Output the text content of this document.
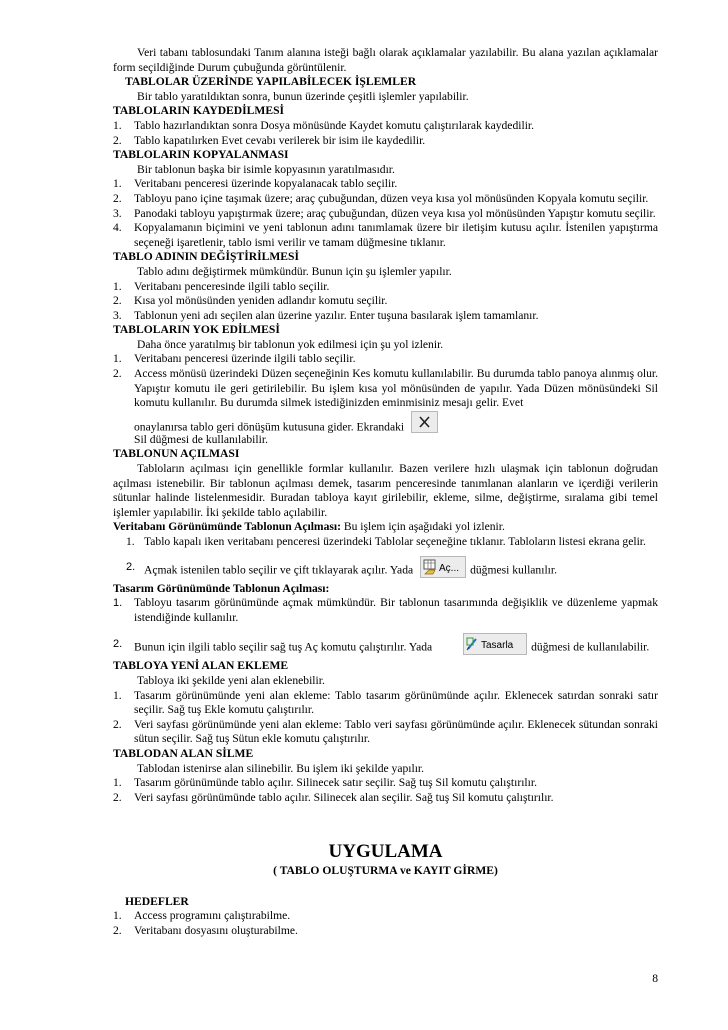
Veri tabanı tablosundaki Tanım alanına isteği bağlı olarak açıklamalar yazılabilir. Bu alana yazılan açıklamalar form seçildiğinde Durum çubuğunda görüntülenir.

TABLOLAR ÜZERİNDE YAPILABİLECEK İŞLEMLER

Bir tablo yaratıldıktan sonra, bunun üzerinde çeşitli işlemler yapılabilir.

TABLOLARIN KAYDEDİLMESİ

1. Tablo hazırlandıktan sonra Dosya mönüsünde Kaydet komutu çalıştırılarak kaydedilir.
2. Tablo kapatılırken Evet cevabı verilerek bir isim ile kaydedilir.

TABLOLARIN KOPYALANMASI

Bir tablonun başka bir isimle kopyasının yaratılmasıdır.

1. Veritabanı penceresi üzerinde kopyalanacak tablo seçilir.
2. Tabloyu pano içine taşımak üzere; araç çubuğundan, düzen veya kısa yol mönüsünden Kopyala komutu seçilir.
3. Panodaki tabloyu yapıştırmak üzere; araç çubuğundan, düzen veya kısa yol mönüsünden Yapıştır komutu seçilir.
4. Kopyalamanın biçimini ve yeni tablonun adını tanımlamak üzere bir iletişim kutusu açılır. İstenilen yapıştırma seçeneği işaretlenir, tablo ismi verilir ve tamam düğmesine tıklanır.

TABLO ADININ DEĞİŞTİRİLMESİ

Tablo adını değiştirmek mümkündür. Bunun için şu işlemler yapılır.

1. Veritabanı penceresinde ilgili tablo seçilir.
2. Kısa yol mönüsünden yeniden adlandır komutu seçilir.
3. Tablonun yeni adı seçilen alan üzerine yazılır. Enter tuşuna basılarak işlem tamamlanır.

TABLOLARIN YOK EDİLMESİ

Daha önce yaratılmış bir tablonun yok edilmesi için şu yol izlenir.

1. Veritabanı penceresi üzerinde ilgili tablo seçilir.
2. Access mönüsü üzerindeki Düzen seçeneğinin Kes komutu kullanılabilir. Bu durumda tablo panoya alınmış olur. Yapıştır komutu ile geri getirilebilir. Bu işlem kısa yol mönüsünden de yapılır. Yada Düzen mönüsündeki Sil komutu kullanılır. Bu durumda silmek istediğinizden eminmisiniz mesajı gelir. Evet
onaylanırsa tablo geri dönüşüm kutusuna gider. Ekrandaki
Sil düğmesi de kullanılabilir.

TABLONUN AÇILMASI

Tabloların açılması için genellikle formlar kullanılır. Bazen verilere hızlı ulaşmak için tablonun doğrudan açılması istenebilir. Bir tablonun açılması demek, tasarım penceresinde tanımlanan alanların ve içerdiği verilerin sütunlar halinde listelenmesidir. Buradan tabloya kayıt girilebilir, ekleme, silme, değiştirme, sıralama gibi temel işlemler yapılabilir. İki şekilde tablo açılabilir.

Veritabanı Görünümünde Tablonun Açılması: Bu işlem için aşağıdaki yol izlenir.

1. Tablo kapalı iken veritabanı penceresi üzerindeki Tablolar seçeneğine tıklanır. Tabloların listesi ekrana gelir.
2. Açmak istenilen tablo seçilir ve çift tıklayarak açılır. Yada	Aç... düğmesi kullanılır.

Tasarım Görünümünde Tablonun Açılması:

1. Tabloyu tasarım görünümünde açmak mümkündür. Bir tablonun tasarımında değişiklik ve düzenleme yapmak istendiğinde kullanılır.
2. Bunun için ilgili tablo seçilir sağ tuş Aç komutu çalıştırılır. Yada	Tasarla düğmesi de kullanılabilir.

TABLOYA YENİ ALAN EKLEME

Tabloya iki şekilde yeni alan eklenebilir.

1. Tasarım görünümünde yeni alan ekleme: Tablo tasarım görünümünde açılır. Eklenecek satırdan sonraki satır seçilir. Sağ tuş Ekle komutu çalıştırılır.
2. Veri sayfası görünümünde yeni alan ekleme: Tablo veri sayfası görünümünde açılır. Eklenecek sütundan sonraki sütun seçilir. Sağ tuş Sütun ekle komutu çalıştırılır.

TABLODAN ALAN SİLME

Tablodan istenirse alan silinebilir. Bu işlem iki şekilde yapılır.

1. Tasarım görünümünde tablo açılır. Silinecek satır seçilir. Sağ tuş Sil komutu çalıştırılır.
2. Veri sayfası görünümünde tablo açılır. Silinecek alan seçilir. Sağ tuş Sil komutu çalıştırılır.

UYGULAMA

( TABLO OLUŞTURMA ve KAYIT GİRME)

HEDEFLER

1. Access programını çalıştırabilme.
2. Veritabanı dosyasını oluşturabilme.
8
